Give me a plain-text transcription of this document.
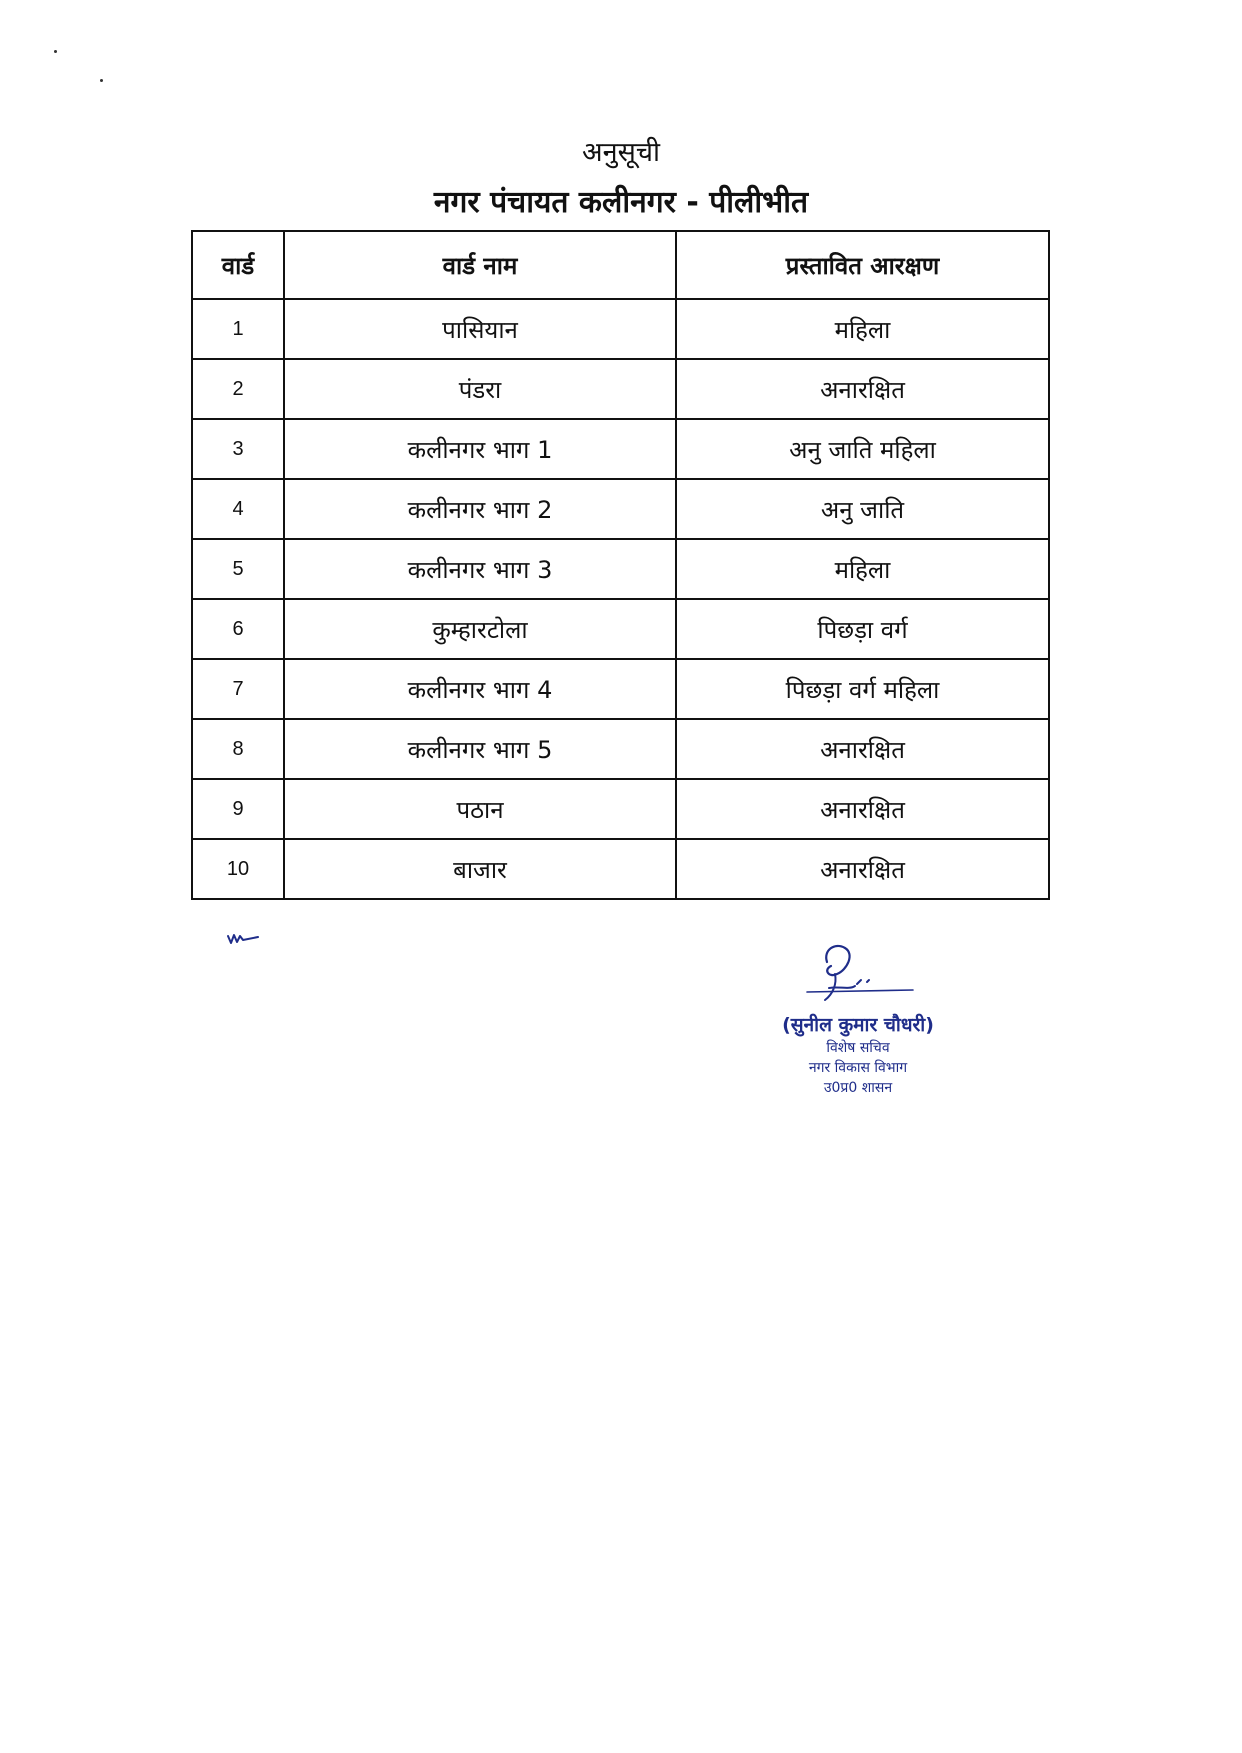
अनुसूची
नगर पंचायत कलीनगर - पीलीभीत
वार्ड	वार्ड नाम	प्रस्तावित आरक्षण
1	पासियान	महिला
2	पंडरा	अनारक्षित
3	कलीनगर भाग 1	अनु जाति महिला
4	कलीनगर भाग 2	अनु जाति
5	कलीनगर भाग 3	महिला
6	कुम्हारटोला	पिछड़ा वर्ग
7	कलीनगर भाग 4	पिछड़ा वर्ग महिला
8	कलीनगर भाग 5	अनारक्षित
9	पठान	अनारक्षित
10	बाजार	अनारक्षित
(सुनील कुमार चौधरी)
विशेष सचिव
नगर विकास विभाग
उ0प्र0 शासन
